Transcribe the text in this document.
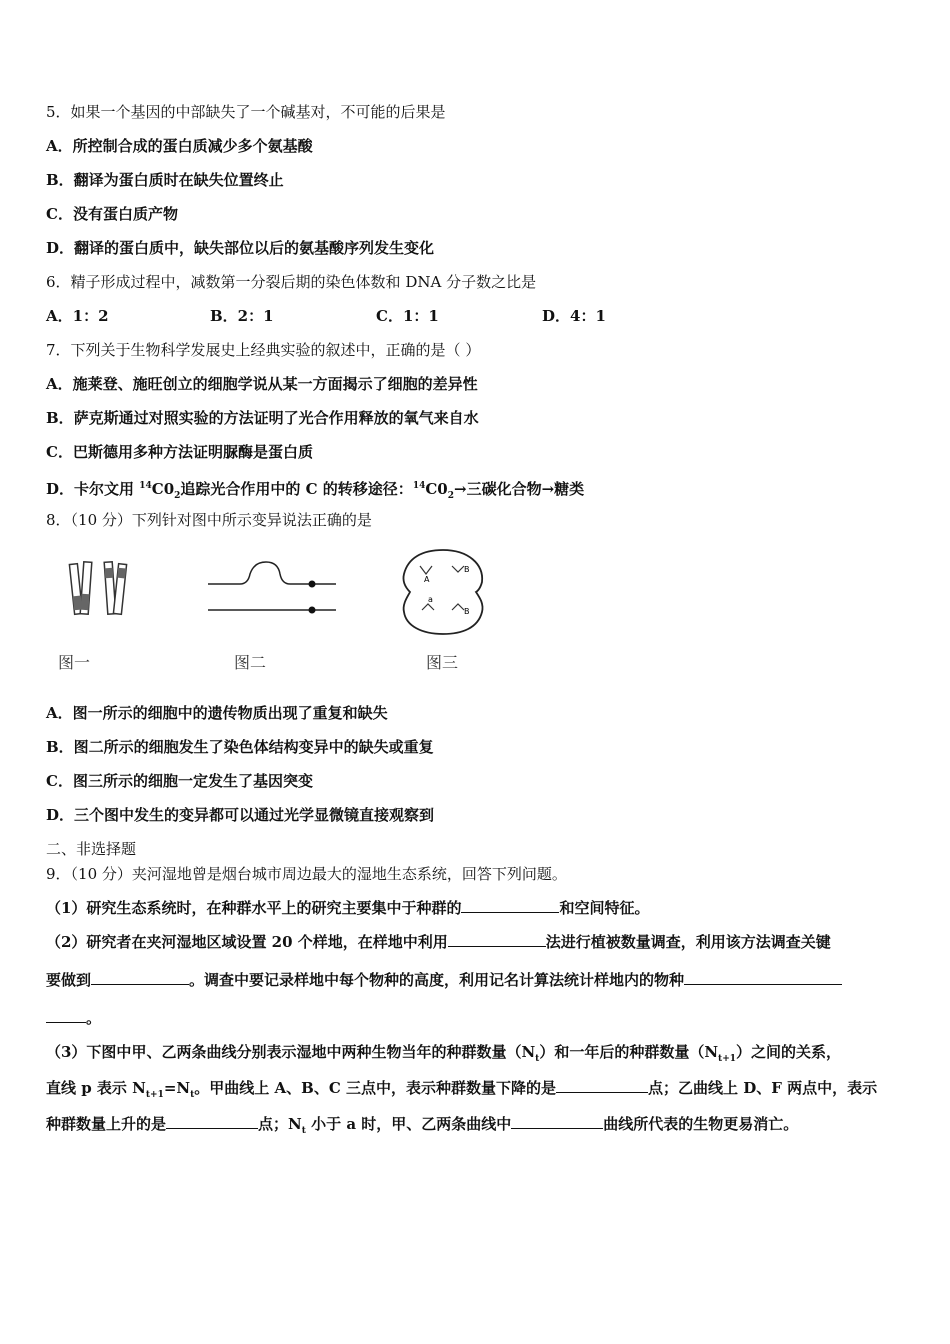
5．如果一个基因的中部缺失了一个碱基对，不可能的后果是
A．所控制合成的蛋白质减少多个氨基酸
B．翻译为蛋白质时在缺失位置终止
C．没有蛋白质产物
D．翻译的蛋白质中，缺失部位以后的氨基酸序列发生变化
6．精子形成过程中，减数第一分裂后期的染色体数和 DNA 分子数之比是
A．1：2	B．2：1	C．1：1	D．4：1
7．下列关于生物科学发展史上经典实验的叙述中，正确的是（ ）
A．施莱登、施旺创立的细胞学说从某一方面揭示了细胞的差异性
B．萨克斯通过对照实验的方法证明了光合作用释放的氧气来自水
C．巴斯德用多种方法证明脲酶是蛋白质
D．卡尔文用 $^{14}C0_2$追踪光合作用中的 C 的转移途径：$^{14}C0_2\to$三碳化合物→糖类
8．（10 分）下列针对图中所示变异说法正确的是
A
B
a
B
图一	图二	图三
A．图一所示的细胞中的遗传物质出现了重复和缺失
B．图二所示的细胞发生了染色体结构变异中的缺失或重复
C．图三所示的细胞一定发生了基因突变
D．三个图中发生的变异都可以通过光学显微镜直接观察到
二、非选择题
9．（10 分）夹河湿地曾是烟台城市周边最大的湿地生态系统，回答下列问题。
（1）研究生态系统时，在种群水平上的研究主要集中于种群的	和空间特征。
（2）研究者在夹河湿地区域设置 20 个样地，在样地中利用	法进行植被数量调查，利用该方法调查关键
要做到	。调查中要记录样地中每个物种的高度，利用记名计算法统计样地内的物种
。
（3）下图中甲、乙两条曲线分别表示湿地中两种生物当年的种群数量$(N_t)$和一年后的种群数量$(N_{t+1})$之间的关系，
直线 p 表示 $N_{t+1}=N_t$。甲曲线上 A、B、C 三点中，表示种群数量下降的是	点；乙曲线上 D、F 两点中，表示
种群数量上升的是	点；$N_t$ 小于 a 时，甲、乙两条曲线中	曲线所代表的生物更易消亡。
